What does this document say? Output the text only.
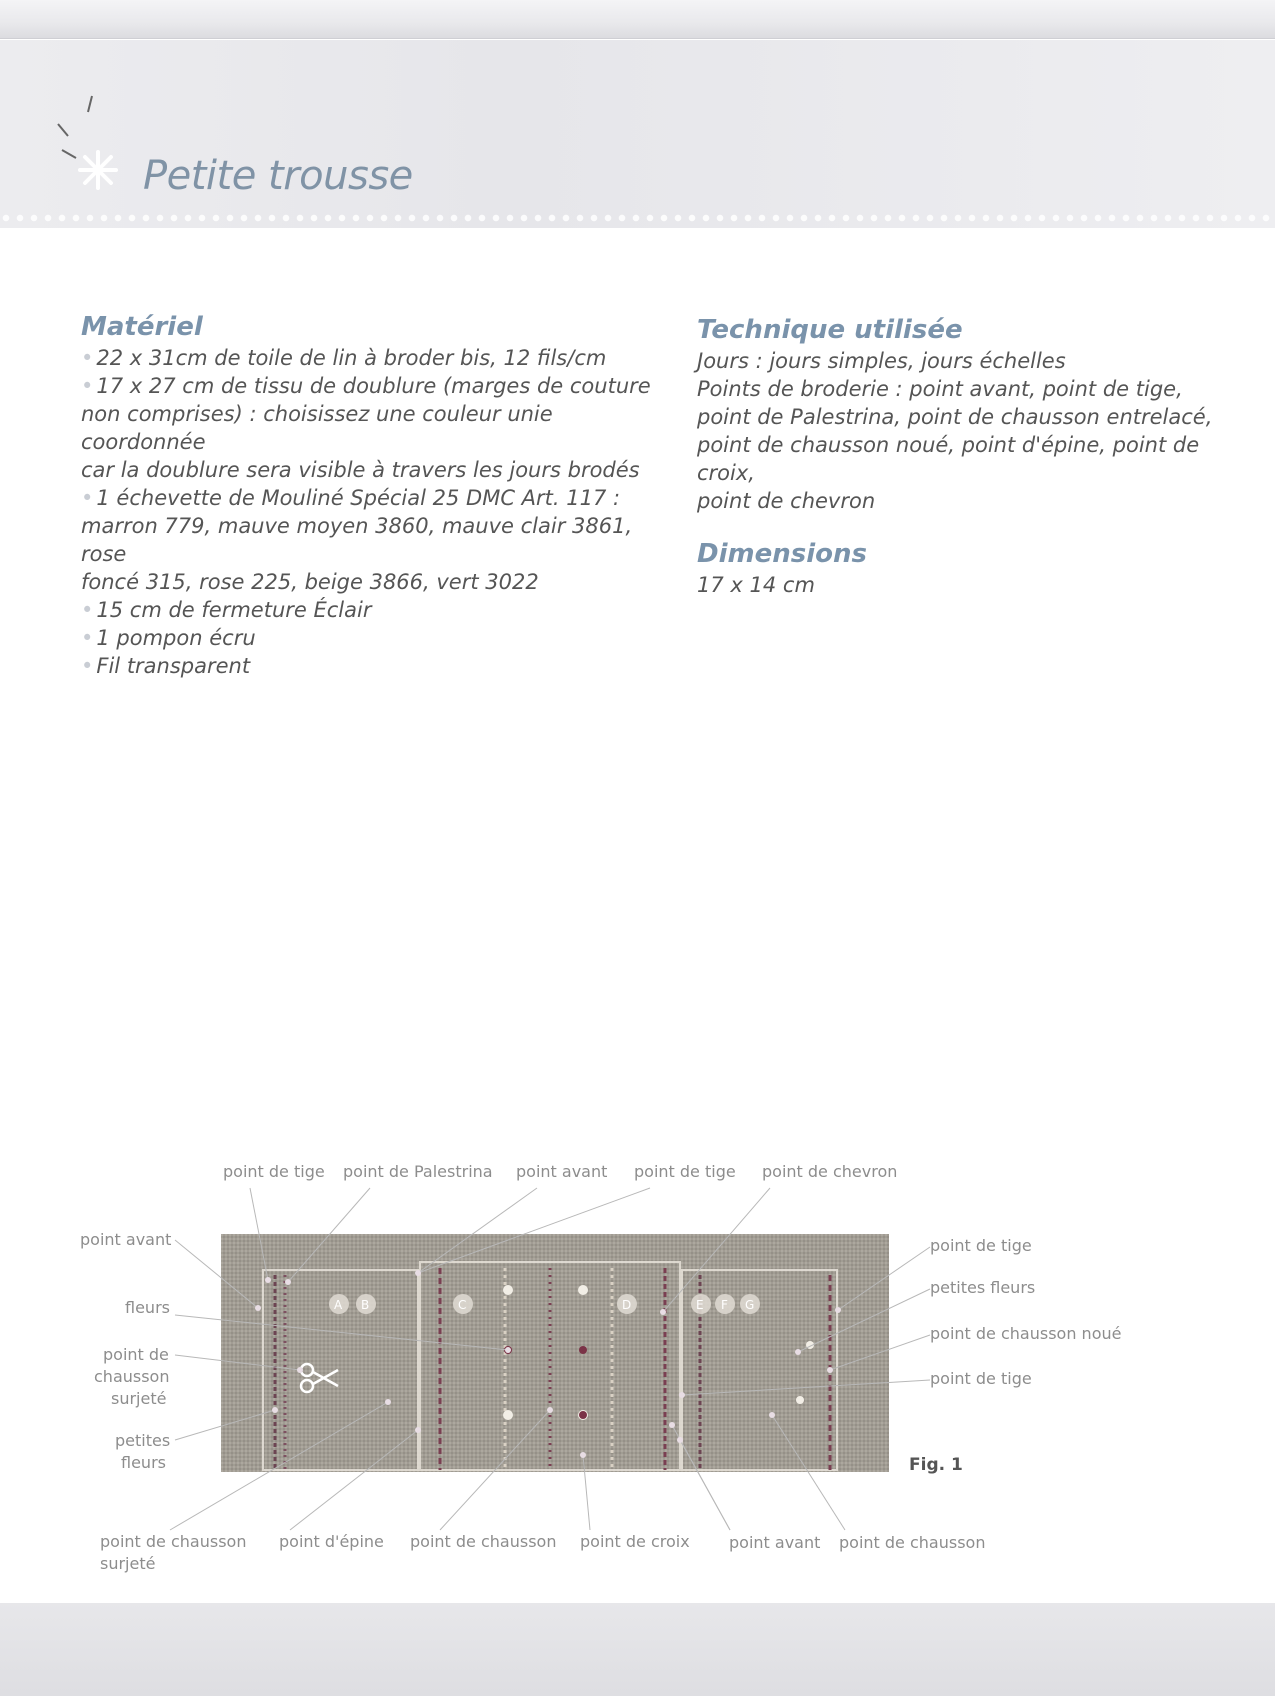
Petite trousse
Matériel
• 22 x 31cm de toile de lin à broder bis, 12 fils/cm
• 17 x 27 cm de tissu de doublure (marges de couture
non comprises) : choisissez une couleur unie coordonnée
car la doublure sera visible à travers les jours brodés
• 1 échevette de Mouliné Spécial 25 DMC Art. 117 :
marron 779, mauve moyen 3860, mauve clair 3861, rose
foncé 315, rose 225, beige 3866, vert 3022
• 15 cm de fermeture Éclair
• 1 pompon écru
• Fil transparent
Technique utilisée
Jours : jours simples, jours échelles
Points de broderie : point avant, point de tige,
point de Palestrina, point de chausson entrelacé,
point de chausson noué, point d'épine, point de croix,
point de chevron
Dimensions
17 x 14 cm
A B	C	D	E F G
point de tige point de Palestrina point avant point de tige point de chevron
point avant
fleurs
point de
chausson
surjeté
petites
fleurs
point de tige
petites fleurs
point de chausson noué
point de tige
point de chausson
surjeté
point d'épine point de chausson point de croix point avant point de chausson
Fig. 1
